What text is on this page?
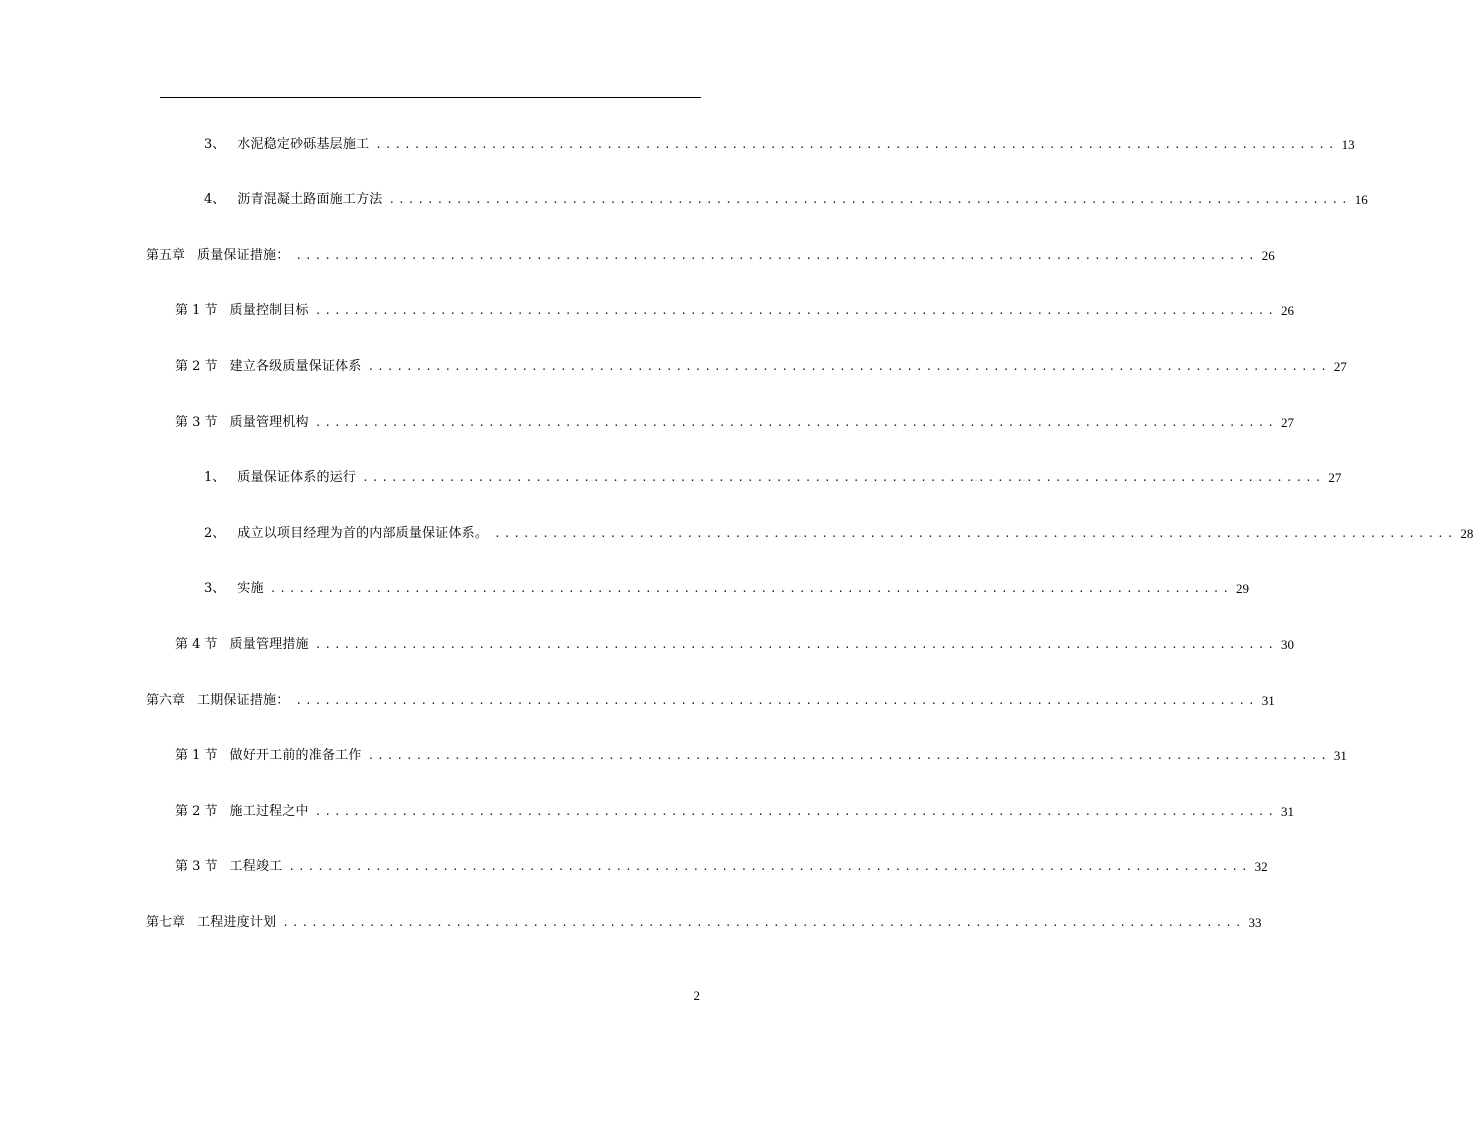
3、 水泥稳定砂砾基层施工 .................................................................................................... 13
4、 沥青混凝土路面施工方法 .................................................................................................... 16
第五章 质量保证措施： .................................................................................................... 26
第 1 节 质量控制目标 .................................................................................................... 26
第 2 节 建立各级质量保证体系 .................................................................................................... 27
第 3 节 质量管理机构 .................................................................................................... 27
1、 质量保证体系的运行 .................................................................................................... 27
2、 成立以项目经理为首的内部质量保证体系。 .................................................................................................... 28
3、 实施 .................................................................................................... 29
第 4 节 质量管理措施 .................................................................................................... 30
第六章 工期保证措施： .................................................................................................... 31
第 1 节 做好开工前的准备工作 .................................................................................................... 31
第 2 节 施工过程之中 .................................................................................................... 31
第 3 节 工程竣工 .................................................................................................... 32
第七章 工程进度计划 .................................................................................................... 33
2
